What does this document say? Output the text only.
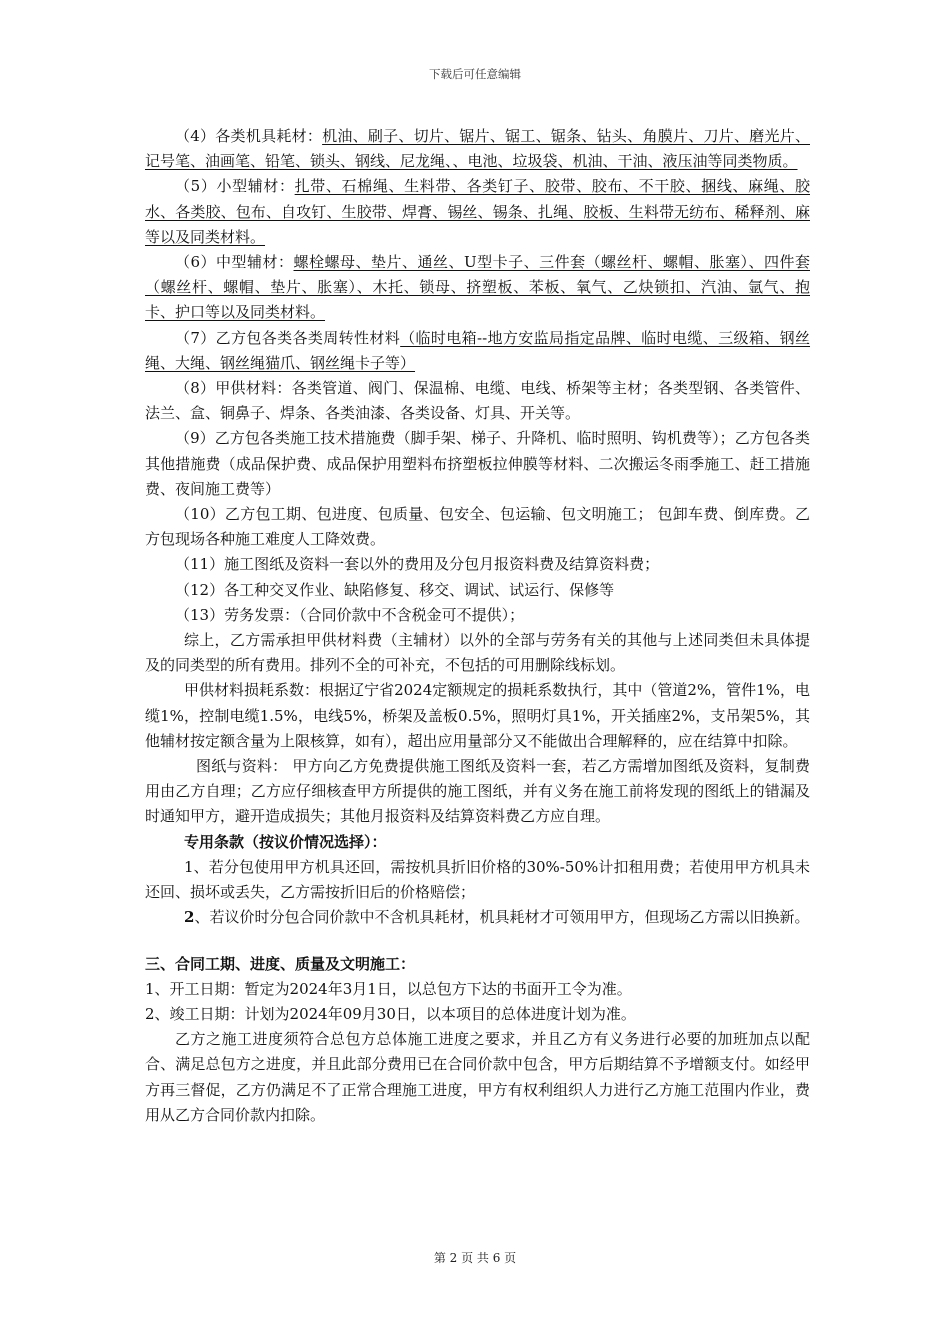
下载后可任意编辑

（4）各类机具耗材：机油、刷子、切片、锯片、锯工、锯条、钻头、角膜片、刀片、磨光片、记号笔、油画笔、铅笔、锁头、钢线、尼龙绳、、电池、垃圾袋、机油、干油、液压油等同类物质。

（5）小型辅材：扎带、石棉绳、生料带、各类钉子、胶带、胶布、不干胶、捆线、麻绳、胶水、各类胶、包布、自攻钉、生胶带、焊膏、锡丝、锡条、扎绳、胶板、生料带无纺布、稀释剂、麻等以及同类材料。

（6）中型辅材：螺栓螺母、垫片、通丝、U型卡子、三件套（螺丝杆、螺帽、胀塞）、四件套（螺丝杆、螺帽、垫片、胀塞）、木托、锁母、挤塑板、苯板、氧气、乙炔锁扣、汽油、氩气、抱卡、护口等以及同类材料。

（7）乙方包各类各类周转性材料（临时电箱--地方安监局指定品牌、临时电缆、三级箱、钢丝绳、大绳、钢丝绳猫爪、钢丝绳卡子等）

（8）甲供材料：各类管道、阀门、保温棉、电缆、电线、桥架等主材；各类型钢、各类管件、法兰、盒、铜鼻子、焊条、各类油漆、各类设备、灯具、开关等。

（9）乙方包各类施工技术措施费（脚手架、梯子、升降机、临时照明、钩机费等）；乙方包各类其他措施费（成品保护费、成品保护用塑料布挤塑板拉伸膜等材料、二次搬运冬雨季施工、赶工措施费、夜间施工费等）

（10）乙方包工期、包进度、包质量、包安全、包运输、包文明施工； 包卸车费、倒库费。乙方包现场各种施工难度人工降效费。

（11）施工图纸及资料一套以外的费用及分包月报资料费及结算资料费；

（12）各工种交叉作业、缺陷修复、移交、调试、试运行、保修等

（13）劳务发票：（合同价款中不含税金可不提供）；

综上，乙方需承担甲供材料费（主辅材）以外的全部与劳务有关的其他与上述同类但未具体提及的同类型的所有费用。排列不全的可补充，不包括的可用删除线标划。

甲供材料损耗系数：根据辽宁省2024定额规定的损耗系数执行，其中（管道2%，管件1%，电缆1%，控制电缆1.5%，电线5%，桥架及盖板0.5%，照明灯具1%，开关插座2%，支吊架5%，其他辅材按定额含量为上限核算，如有），超出应用量部分又不能做出合理解释的，应在结算中扣除。

图纸与资料： 甲方向乙方免费提供施工图纸及资料一套，若乙方需增加图纸及资料，复制费用由乙方自理；乙方应仔细核查甲方所提供的施工图纸，并有义务在施工前将发现的图纸上的错漏及时通知甲方，避开造成损失；其他月报资料及结算资料费乙方应自理。

专用条款（按议价情况选择）：

1、若分包使用甲方机具还回，需按机具折旧价格的30%-50%计扣租用费；若使用甲方机具未还回、损坏或丢失，乙方需按折旧后的价格赔偿；

2、若议价时分包合同价款中不含机具耗材，机具耗材才可领用甲方，但现场乙方需以旧换新。

三、合同工期、进度、质量及文明施工：

1、开工日期：暂定为2024年3月1日，以总包方下达的书面开工令为准。

2、竣工日期：计划为2024年09月30日，以本项目的总体进度计划为准。

乙方之施工进度须符合总包方总体施工进度之要求，并且乙方有义务进行必要的加班加点以配合、满足总包方之进度，并且此部分费用已在合同价款中包含，甲方后期结算不予增额支付。如经甲方再三督促，乙方仍满足不了正常合理施工进度，甲方有权利组织人力进行乙方施工范围内作业，费用从乙方合同价款内扣除。

第 2 页 共 6 页
